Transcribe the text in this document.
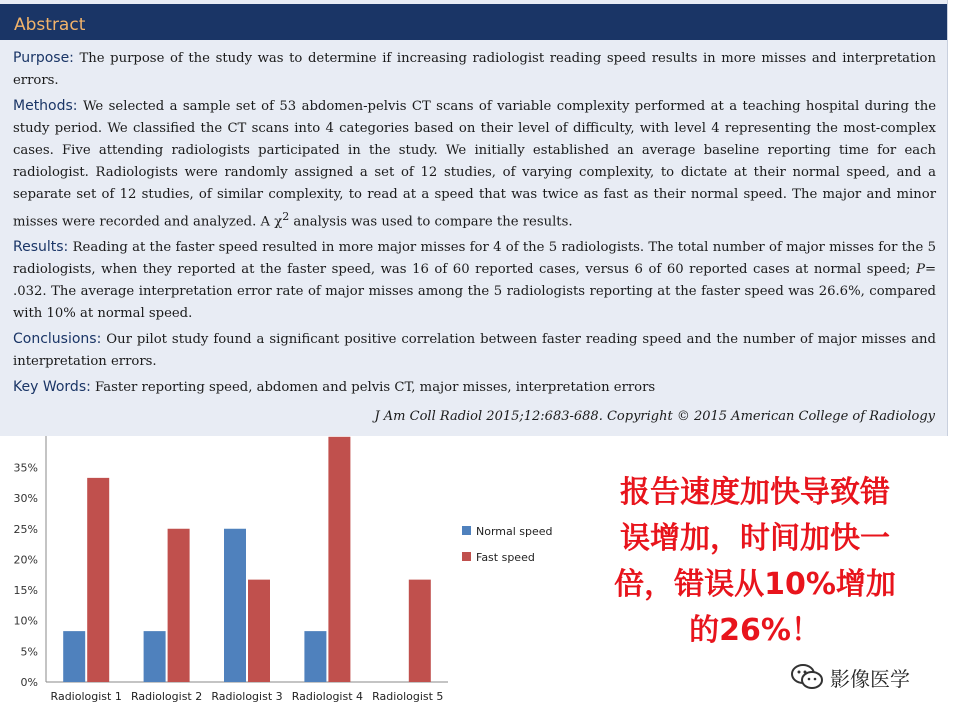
Abstract

Purpose: The purpose of the study was to determine if increasing radiologist reading speed results in more misses and interpretation errors.

Methods: We selected a sample set of 53 abdomen-pelvis CT scans of variable complexity performed at a teaching hospital during the study period. We classified the CT scans into 4 categories based on their level of difficulty, with level 4 representing the most-complex cases. Five attending radiologists participated in the study. We initially established an average baseline reporting time for each radiologist. Radiologists were randomly assigned a set of 12 studies, of varying complexity, to dictate at their normal speed, and a separate set of 12 studies, of similar complexity, to read at a speed that was twice as fast as their normal speed. The major and minor misses were recorded and analyzed. A $\chi^2$ analysis was used to compare the results.

Results: Reading at the faster speed resulted in more major misses for 4 of the 5 radiologists. The total number of major misses for the 5 radiologists, when they reported at the faster speed, was 16 of 60 reported cases, versus 6 of 60 reported cases at normal speed; P= .032. The average interpretation error rate of major misses among the 5 radiologists reporting at the faster speed was 26.6%, compared with 10% at normal speed.

Conclusions: Our pilot study found a significant positive correlation between faster reading speed and the number of major misses and interpretation errors.

Key Words: Faster reporting speed, abdomen and pelvis CT, major misses, interpretation errors

J Am Coll Radiol 2015;12:683-688. Copyright © 2015 American College of Radiology
0%
5%
10%
15%
20%
25%
30%
35%
Radiologist 1 Radiologist 2 Radiologist 3 Radiologist 4 Radiologist 5
Normal speed
Fast speed
报告速度加快导致错
误增加，时间加快一
倍，错误从10%增加
的26%！
影像医学
